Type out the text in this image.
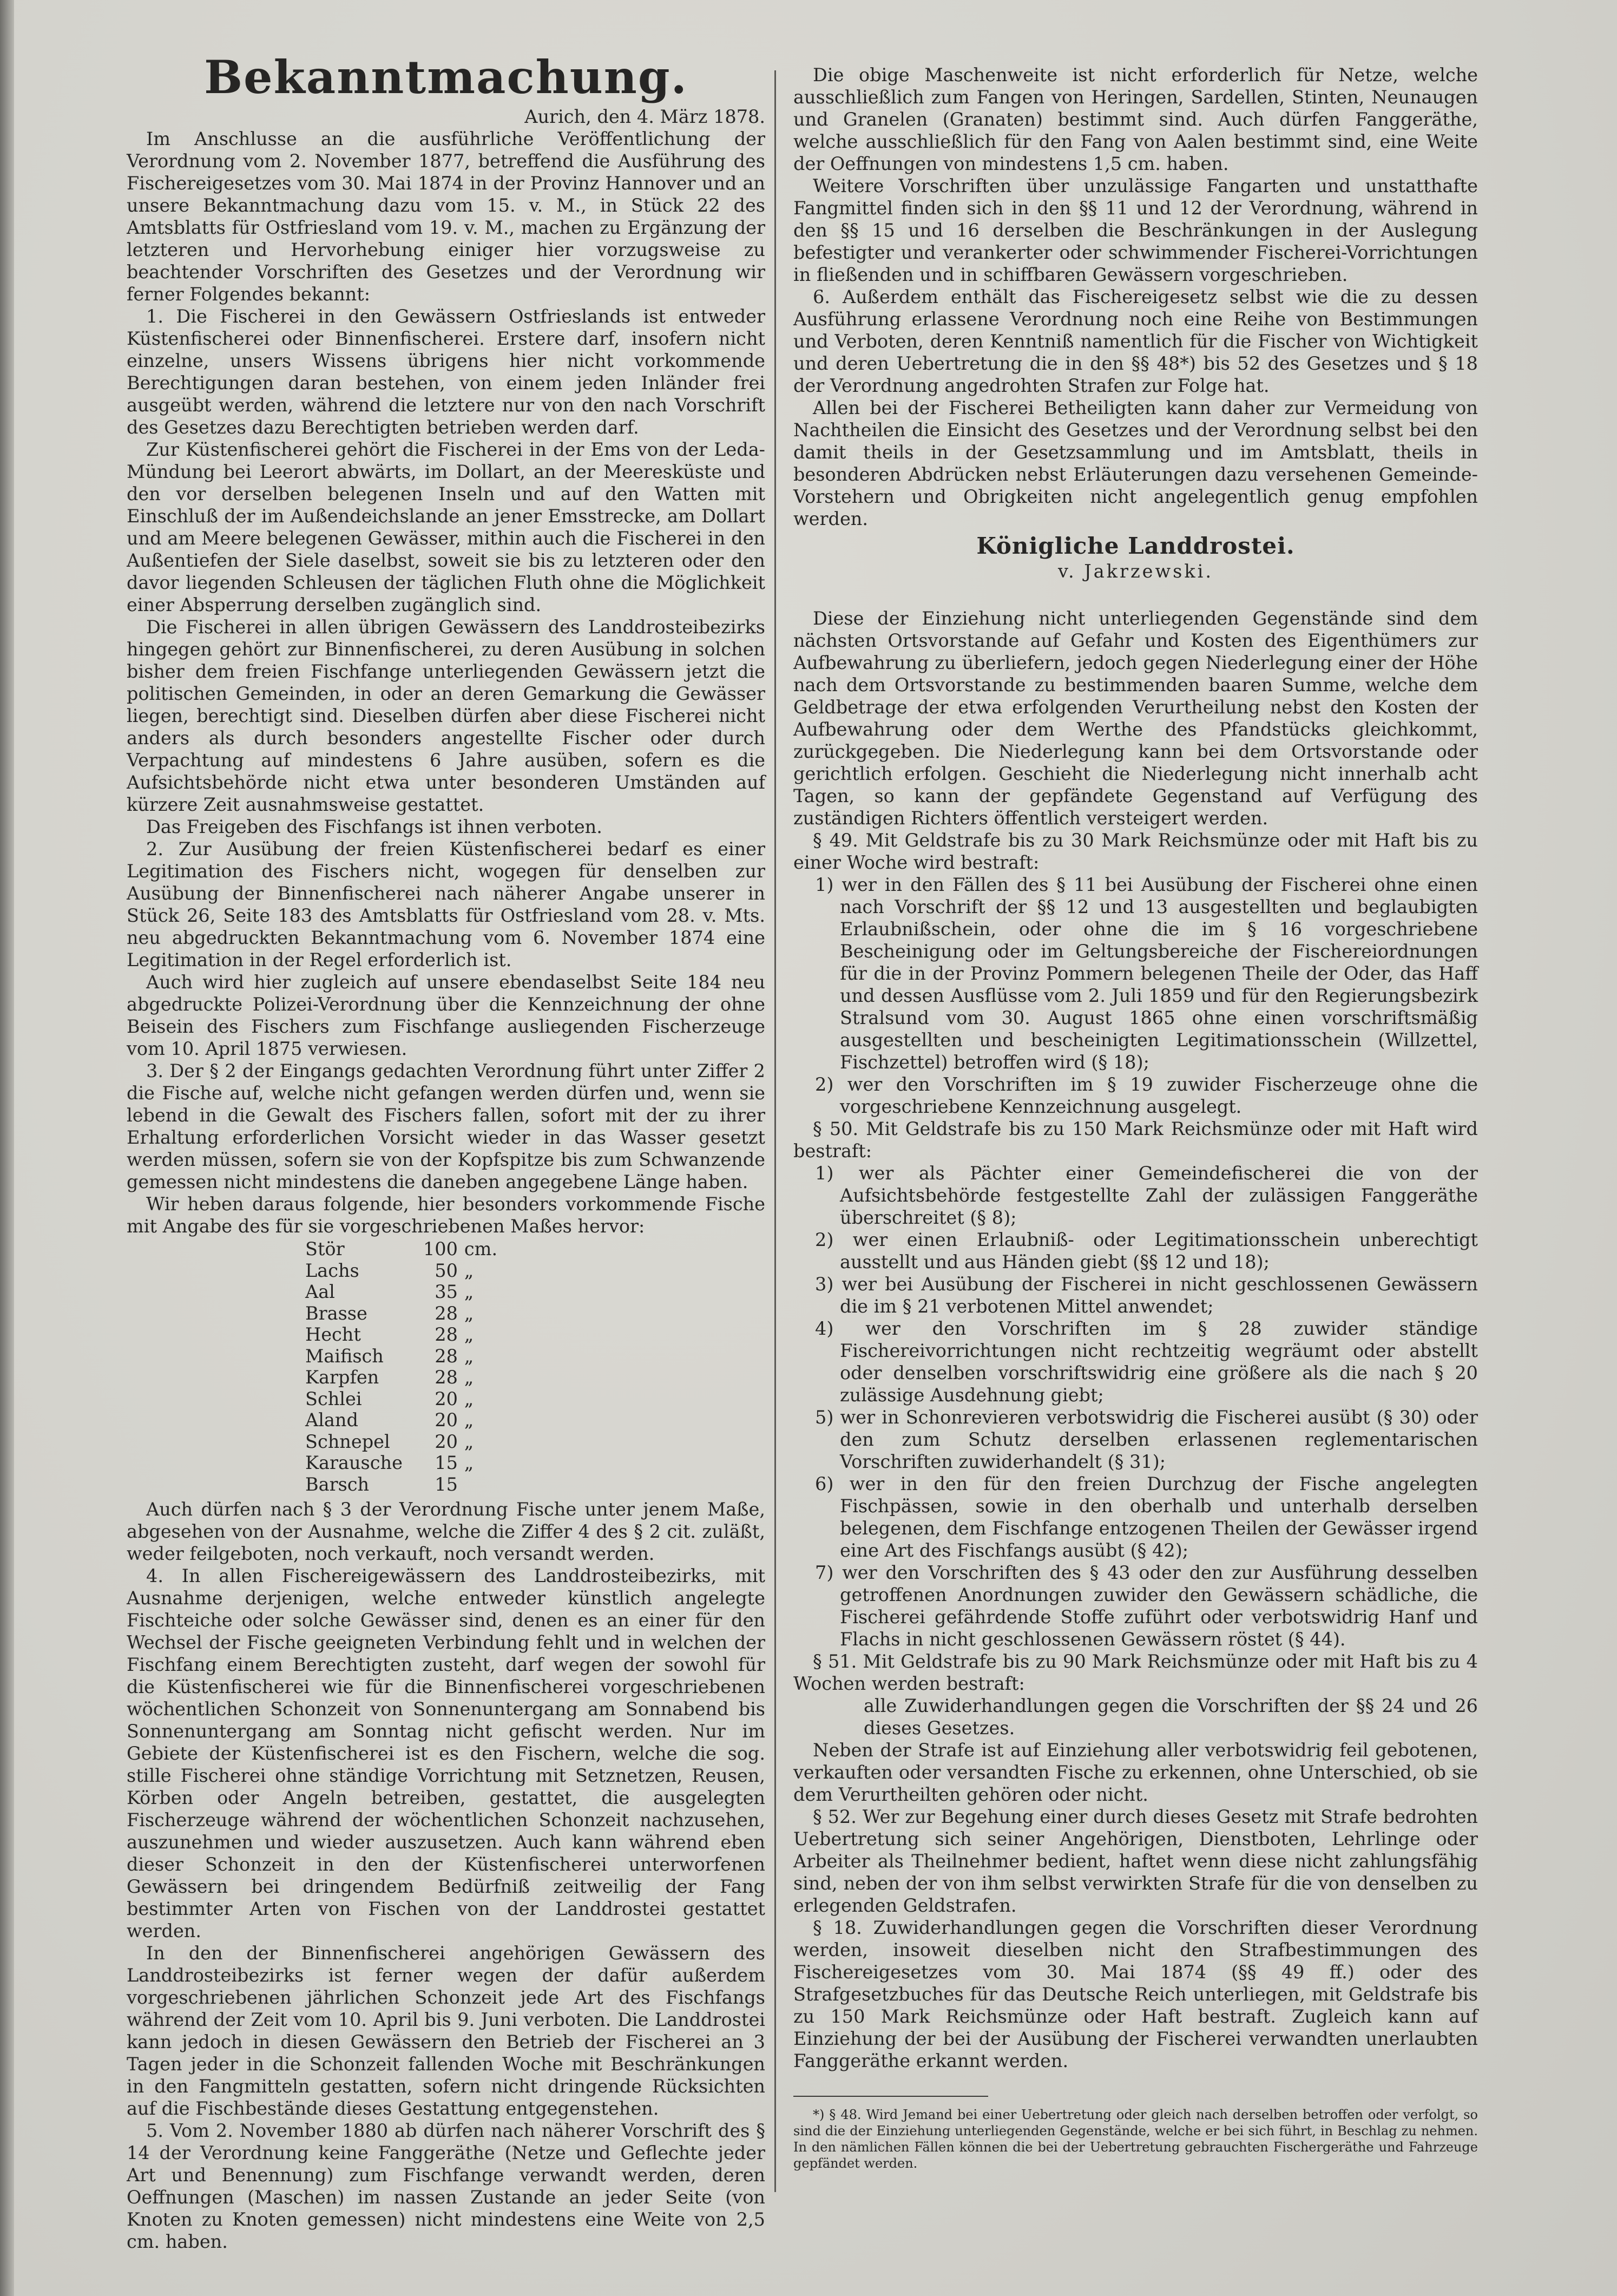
Bekanntmachung.

Aurich, den 4. März 1878.

Im Anschlusse an die ausführliche Veröffentlichung der Verordnung vom 2. November 1877, betreffend die Ausführung des Fischereigesetzes vom 30. Mai 1874 in der Provinz Hannover und an unsere Bekanntmachung dazu vom 15. v. M., in Stück 22 des Amtsblatts für Ostfriesland vom 19. v. M., machen zu Ergänzung der letzteren und Hervorhebung einiger hier vorzugsweise zu beachtender Vorschriften des Gesetzes und der Verordnung wir ferner Folgendes bekannt:

1. Die Fischerei in den Gewässern Ostfrieslands ist entweder Küstenfischerei oder Binnenfischerei. Erstere darf, insofern nicht einzelne, unsers Wissens übrigens hier nicht vorkommende Berechtigungen daran bestehen, von einem jeden Inländer frei ausgeübt werden, während die letztere nur von den nach Vorschrift des Gesetzes dazu Berechtigten betrieben werden darf.

Zur Küstenfischerei gehört die Fischerei in der Ems von der Leda-Mündung bei Leerort abwärts, im Dollart, an der Meeresküste und den vor derselben belegenen Inseln und auf den Watten mit Einschluß der im Außendeichslande an jener Emsstrecke, am Dollart und am Meere belegenen Gewässer, mithin auch die Fischerei in den Außentiefen der Siele daselbst, soweit sie bis zu letzteren oder den davor liegenden Schleusen der täglichen Fluth ohne die Möglichkeit einer Absperrung derselben zugänglich sind.

Die Fischerei in allen übrigen Gewässern des Landdrosteibezirks hingegen gehört zur Binnenfischerei, zu deren Ausübung in solchen bisher dem freien Fischfange unterliegenden Gewässern jetzt die politischen Gemeinden, in oder an deren Gemarkung die Gewässer liegen, berechtigt sind. Dieselben dürfen aber diese Fischerei nicht anders als durch besonders angestellte Fischer oder durch Verpachtung auf mindestens 6 Jahre ausüben, sofern es die Aufsichtsbehörde nicht etwa unter besonderen Umständen auf kürzere Zeit ausnahmsweise gestattet.

Das Freigeben des Fischfangs ist ihnen verboten.

2. Zur Ausübung der freien Küstenfischerei bedarf es einer Legitimation des Fischers nicht, wogegen für denselben zur Ausübung der Binnenfischerei nach näherer Angabe unserer in Stück 26, Seite 183 des Amtsblatts für Ostfriesland vom 28. v. Mts. neu abgedruckten Bekanntmachung vom 6. November 1874 eine Legitimation in der Regel erforderlich ist.

Auch wird hier zugleich auf unsere ebendaselbst Seite 184 neu abgedruckte Polizei-Verordnung über die Kennzeichnung der ohne Beisein des Fischers zum Fischfange ausliegenden Fischerzeuge vom 10. April 1875 verwiesen.

3. Der § 2 der Eingangs gedachten Verordnung führt unter Ziffer 2 die Fische auf, welche nicht gefangen werden dürfen und, wenn sie lebend in die Gewalt des Fischers fallen, sofort mit der zu ihrer Erhaltung erforderlichen Vorsicht wieder in das Wasser gesetzt werden müssen, sofern sie von der Kopfspitze bis zum Schwanzende gemessen nicht mindestens die daneben angegebene Länge haben.

Wir heben daraus folgende, hier besonders vorkommende Fische mit Angabe des für sie vorgeschriebenen Maßes hervor:

Stör	100	cm.
Lachs	50	„
Aal	35	„
Brasse	28	„
Hecht	28	„
Maifisch	28	„
Karpfen	28	„
Schlei	20	„
Aland	20	„
Schnepel	20	„
Karausche	15	„
Barsch	15	

Auch dürfen nach § 3 der Verordnung Fische unter jenem Maße, abgesehen von der Ausnahme, welche die Ziffer 4 des § 2 cit. zuläßt, weder feilgeboten, noch verkauft, noch versandt werden.

4. In allen Fischereigewässern des Landdrosteibezirks, mit Ausnahme derjenigen, welche entweder künstlich angelegte Fischteiche oder solche Gewässer sind, denen es an einer für den Wechsel der Fische geeigneten Verbindung fehlt und in welchen der Fischfang einem Berechtigten zusteht, darf wegen der sowohl für die Küstenfischerei wie für die Binnenfischerei vorgeschriebenen wöchentlichen Schonzeit von Sonnenuntergang am Sonnabend bis Sonnenuntergang am Sonntag nicht gefischt werden. Nur im Gebiete der Küstenfischerei ist es den Fischern, welche die sog. stille Fischerei ohne ständige Vorrichtung mit Setznetzen, Reusen, Körben oder Angeln betreiben, gestattet, die ausgelegten Fischerzeuge während der wöchentlichen Schonzeit nachzusehen, auszunehmen und wieder auszusetzen. Auch kann während eben dieser Schonzeit in den der Küstenfischerei unterworfenen Gewässern bei dringendem Bedürfniß zeitweilig der Fang bestimmter Arten von Fischen von der Landdrostei gestattet werden.

In den der Binnenfischerei angehörigen Gewässern des Landdrosteibezirks ist ferner wegen der dafür außerdem vorgeschriebenen jährlichen Schonzeit jede Art des Fischfangs während der Zeit vom 10. April bis 9. Juni verboten. Die Landdrostei kann jedoch in diesen Gewässern den Betrieb der Fischerei an 3 Tagen jeder in die Schonzeit fallenden Woche mit Beschränkungen in den Fangmitteln gestatten, sofern nicht dringende Rücksichten auf die Fischbestände dieses Gestattung entgegenstehen.

5. Vom 2. November 1880 ab dürfen nach näherer Vorschrift des § 14 der Verordnung keine Fanggeräthe (Netze und Geflechte jeder Art und Benennung) zum Fischfange verwandt werden, deren Oeffnungen (Maschen) im nassen Zustande an jeder Seite (von Knoten zu Knoten gemessen) nicht mindestens eine Weite von 2,5 cm. haben.

Die obige Maschenweite ist nicht erforderlich für Netze, welche ausschließlich zum Fangen von Heringen, Sardellen, Stinten, Neunaugen und Granelen (Granaten) bestimmt sind. Auch dürfen Fanggeräthe, welche ausschließlich für den Fang von Aalen bestimmt sind, eine Weite der Oeffnungen von mindestens 1,5 cm. haben.

Weitere Vorschriften über unzulässige Fangarten und unstatthafte Fangmittel finden sich in den §§ 11 und 12 der Verordnung, während in den §§ 15 und 16 derselben die Beschränkungen in der Auslegung befestigter und verankerter oder schwimmender Fischerei-Vorrichtungen in fließenden und in schiffbaren Gewässern vorgeschrieben.

6. Außerdem enthält das Fischereigesetz selbst wie die zu dessen Ausführung erlassene Verordnung noch eine Reihe von Bestimmungen und Verboten, deren Kenntniß namentlich für die Fischer von Wichtigkeit und deren Uebertretung die in den §§ 48*) bis 52 des Gesetzes und § 18 der Verordnung angedrohten Strafen zur Folge hat.

Allen bei der Fischerei Betheiligten kann daher zur Vermeidung von Nachtheilen die Einsicht des Gesetzes und der Verordnung selbst bei den damit theils in der Gesetzsammlung und im Amtsblatt, theils in besonderen Abdrücken nebst Erläuterungen dazu versehenen Gemeinde-Vorstehern und Obrigkeiten nicht angelegentlich genug empfohlen werden.

Königliche Landdrostei.
v. Jakrzewski.

Diese der Einziehung nicht unterliegenden Gegenstände sind dem nächsten Ortsvorstande auf Gefahr und Kosten des Eigenthümers zur Aufbewahrung zu überliefern, jedoch gegen Niederlegung einer der Höhe nach dem Ortsvorstande zu bestimmenden baaren Summe, welche dem Geldbetrage der etwa erfolgenden Verurtheilung nebst den Kosten der Aufbewahrung oder dem Werthe des Pfandstücks gleichkommt, zurückgegeben. Die Niederlegung kann bei dem Ortsvorstande oder gerichtlich erfolgen. Geschieht die Niederlegung nicht innerhalb acht Tagen, so kann der gepfändete Gegenstand auf Verfügung des zuständigen Richters öffentlich versteigert werden.

§ 49. Mit Geldstrafe bis zu 30 Mark Reichsmünze oder mit Haft bis zu einer Woche wird bestraft:

1) wer in den Fällen des § 11 bei Ausübung der Fischerei ohne einen nach Vorschrift der §§ 12 und 13 ausgestellten und beglaubigten Erlaubnißschein, oder ohne die im § 16 vorgeschriebene Bescheinigung oder im Geltungsbereiche der Fischereiordnungen für die in der Provinz Pommern belegenen Theile der Oder, das Haff und dessen Ausflüsse vom 2. Juli 1859 und für den Regierungsbezirk Stralsund vom 30. August 1865 ohne einen vorschriftsmäßig ausgestellten und bescheinigten Legitimationsschein (Willzettel, Fischzettel) betroffen wird (§ 18);

2) wer den Vorschriften im § 19 zuwider Fischerzeuge ohne die vorgeschriebene Kennzeichnung ausgelegt.

§ 50. Mit Geldstrafe bis zu 150 Mark Reichsmünze oder mit Haft wird bestraft:

1) wer als Pächter einer Gemeindefischerei die von der Aufsichtsbehörde festgestellte Zahl der zulässigen Fanggeräthe überschreitet (§ 8);

2) wer einen Erlaubniß- oder Legitimationsschein unberechtigt ausstellt und aus Händen giebt (§§ 12 und 18);

3) wer bei Ausübung der Fischerei in nicht geschlossenen Gewässern die im § 21 verbotenen Mittel anwendet;

4) wer den Vorschriften im § 28 zuwider ständige Fischereivorrichtungen nicht rechtzeitig wegräumt oder abstellt oder denselben vorschriftswidrig eine größere als die nach § 20 zulässige Ausdehnung giebt;

5) wer in Schonrevieren verbotswidrig die Fischerei ausübt (§ 30) oder den zum Schutz derselben erlassenen reglementarischen Vorschriften zuwiderhandelt (§ 31);

6) wer in den für den freien Durchzug der Fische angelegten Fischpässen, sowie in den oberhalb und unterhalb derselben belegenen, dem Fischfange entzogenen Theilen der Gewässer irgend eine Art des Fischfangs ausübt (§ 42);

7) wer den Vorschriften des § 43 oder den zur Ausführung desselben getroffenen Anordnungen zuwider den Gewässern schädliche, die Fischerei gefährdende Stoffe zuführt oder verbotswidrig Hanf und Flachs in nicht geschlossenen Gewässern röstet (§ 44).

§ 51. Mit Geldstrafe bis zu 90 Mark Reichsmünze oder mit Haft bis zu 4 Wochen werden bestraft:

alle Zuwiderhandlungen gegen die Vorschriften der §§ 24 und 26 dieses Gesetzes.

Neben der Strafe ist auf Einziehung aller verbotswidrig feil gebotenen, verkauften oder versandten Fische zu erkennen, ohne Unterschied, ob sie dem Verurtheilten gehören oder nicht.

§ 52. Wer zur Begehung einer durch dieses Gesetz mit Strafe bedrohten Uebertretung sich seiner Angehörigen, Dienstboten, Lehrlinge oder Arbeiter als Theilnehmer bedient, haftet wenn diese nicht zahlungsfähig sind, neben der von ihm selbst verwirkten Strafe für die von denselben zu erlegenden Geldstrafen.

§ 18. Zuwiderhandlungen gegen die Vorschriften dieser Verordnung werden, insoweit dieselben nicht den Strafbestimmungen des Fischereigesetzes vom 30. Mai 1874 (§§ 49 ff.) oder des Strafgesetzbuches für das Deutsche Reich unterliegen, mit Geldstrafe bis zu 150 Mark Reichsmünze oder Haft bestraft. Zugleich kann auf Einziehung der bei der Ausübung der Fischerei verwandten unerlaubten Fanggeräthe erkannt werden.

*) § 48. Wird Jemand bei einer Uebertretung oder gleich nach derselben betroffen oder verfolgt, so sind die der Einziehung unterliegenden Gegenstände, welche er bei sich führt, in Beschlag zu nehmen. In den nämlichen Fällen können die bei der Uebertretung gebrauchten Fischergeräthe und Fahrzeuge gepfändet werden.
